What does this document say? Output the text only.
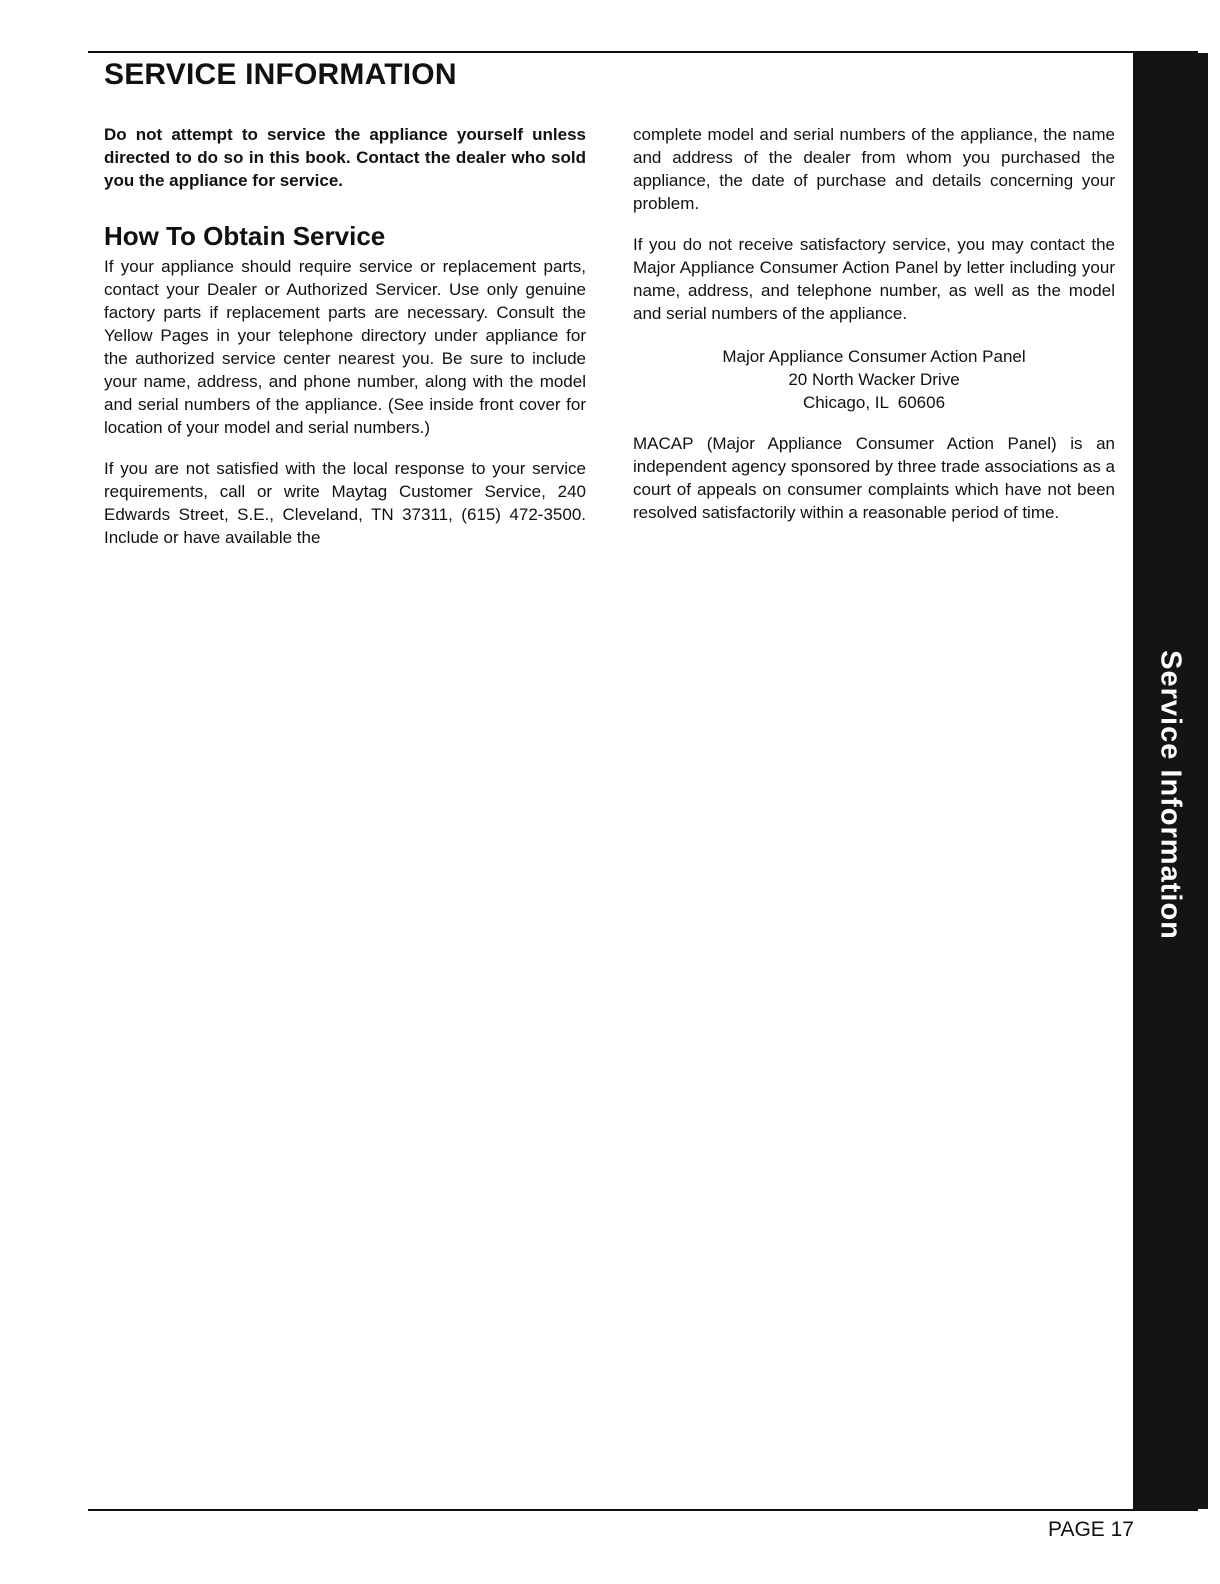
SERVICE INFORMATION

Do not attempt to service the appliance yourself unless directed to do so in this book. Contact the dealer who sold you the appliance for service.

How To Obtain Service

If your appliance should require service or replacement parts, contact your Dealer or Authorized Servicer. Use only genuine factory parts if replacement parts are necessary. Consult the Yellow Pages in your telephone directory under appliance for the authorized service center nearest you. Be sure to include your name, address, and phone number, along with the model and serial numbers of the appliance. (See inside front cover for location of your model and serial numbers.)

If you are not satisfied with the local response to your service requirements, call or write Maytag Customer Service, 240 Edwards Street, S.E., Cleveland, TN 37311, (615) 472-3500. Include or have available the

complete model and serial numbers of the appliance, the name and address of the dealer from whom you purchased the appliance, the date of purchase and details concerning your problem.

If you do not receive satisfactory service, you may contact the Major Appliance Consumer Action Panel by letter including your name, address, and telephone number, as well as the model and serial numbers of the appliance.

Major Appliance Consumer Action Panel
20 North Wacker Drive
Chicago, IL  60606

MACAP (Major Appliance Consumer Action Panel) is an independent agency sponsored by three trade associations as a court of appeals on consumer complaints which have not been resolved satisfactorily within a reasonable period of time.

Service Information
PAGE 17
